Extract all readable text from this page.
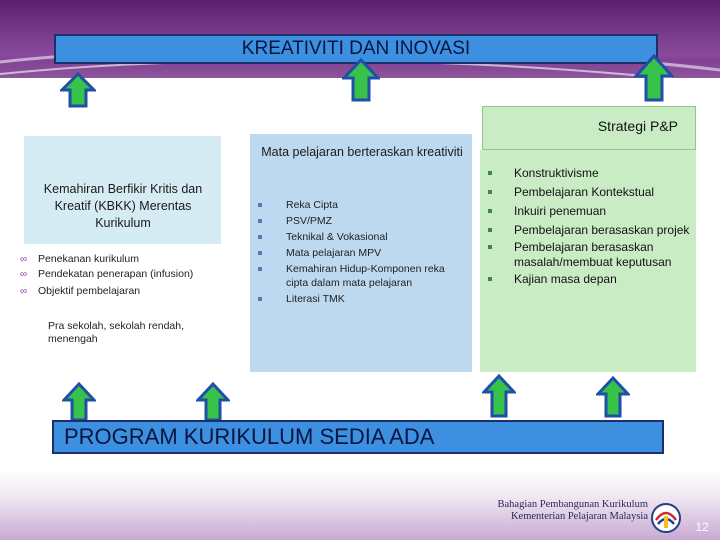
KREATIVITI DAN INOVASI
Strategi P&P
Kemahiran Berfikir Kritis dan Kreatif (KBKK) Merentas Kurikulum
∞ Penekanan kurikulum
∞ Pendekatan penerapan (infusion)
∞ Objektif pembelajaran
Pra sekolah, sekolah rendah, menengah
Mata pelajaran berteraskan kreativiti
Reka Cipta
PSV/PMZ
Teknikal & Vokasional
Mata pelajaran MPV
Kemahiran Hidup-Komponen reka cipta dalam mata pelajaran
Literasi TMK
Konstruktivisme
Pembelajaran Kontekstual
Inkuiri penemuan
Pembelajaran berasaskan projek
Pembelajaran berasaskan masalah/membuat keputusan
Kajian masa depan
PROGRAM KURIKULUM SEDIA ADA
Bahagian Pembangunan Kurikulum
Kementerian Pelajaran Malaysia
12
